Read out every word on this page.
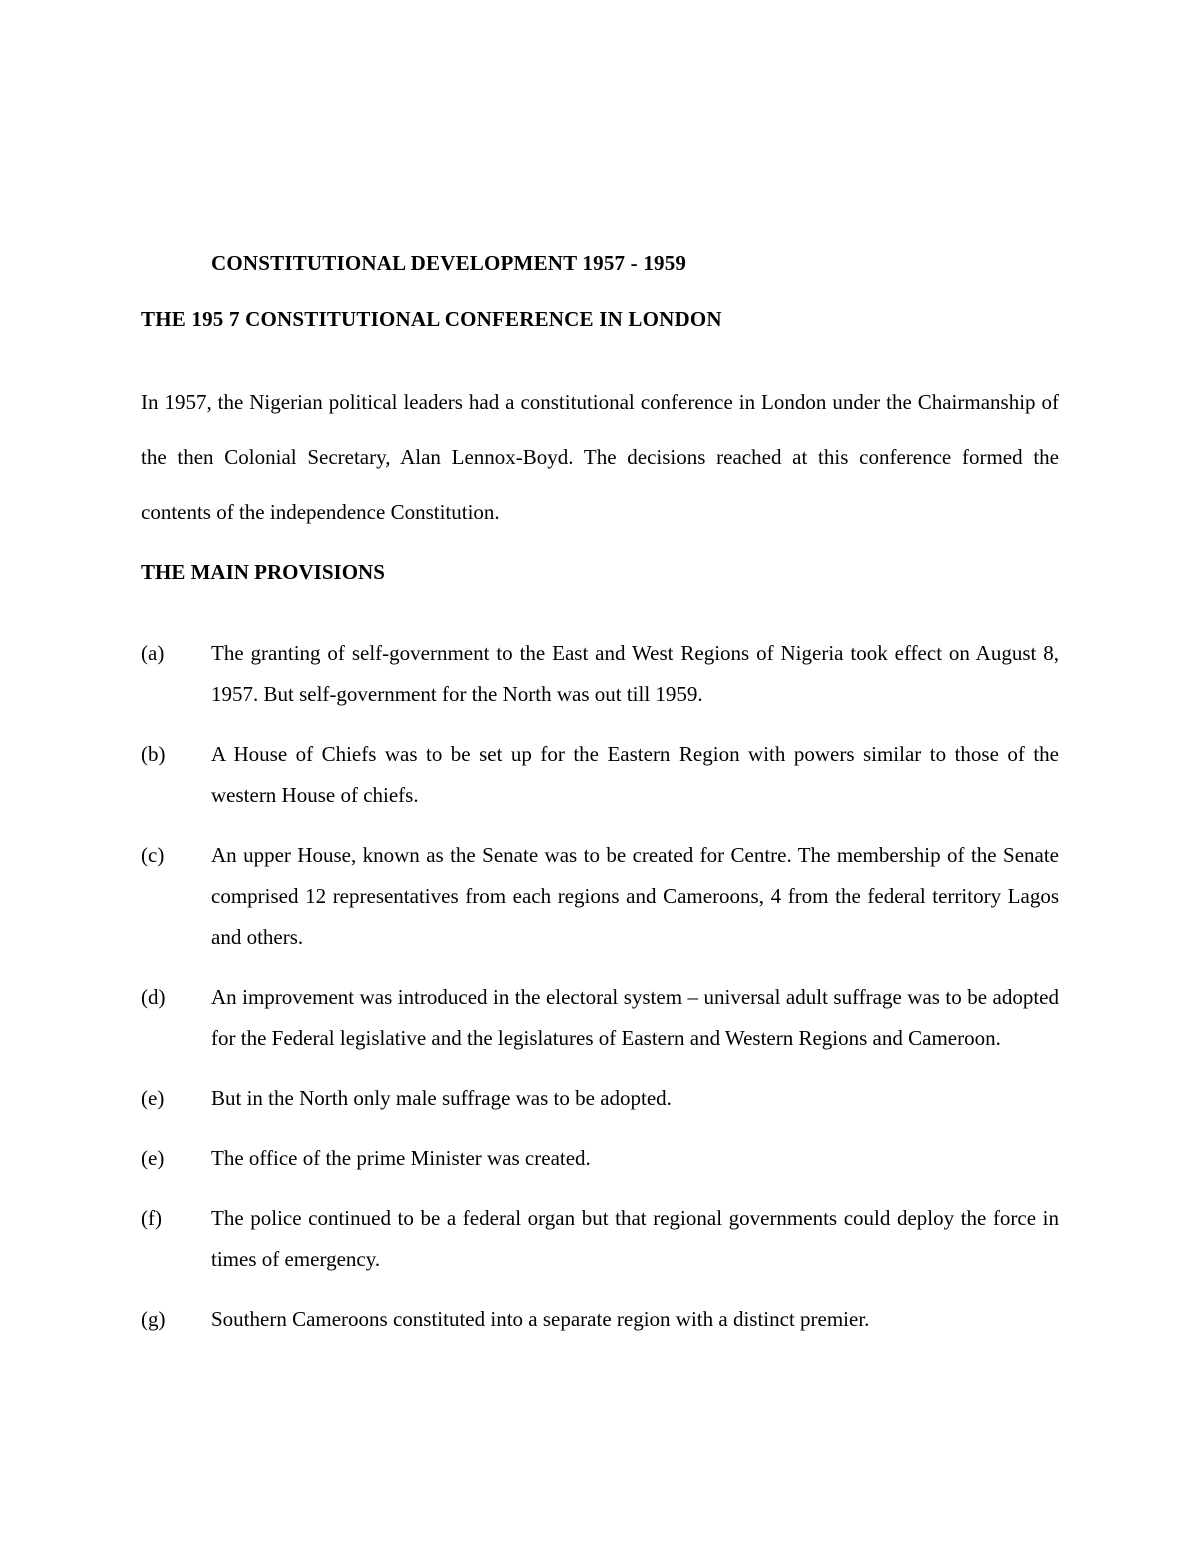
CONSTITUTIONAL DEVELOPMENT 1957 - 1959
THE 195 7 CONSTITUTIONAL CONFERENCE IN LONDON

In 1957, the Nigerian political leaders had a constitutional conference in London under the Chairmanship of the then Colonial Secretary, Alan Lennox-Boyd. The decisions reached at this conference formed the contents of the independence Constitution.

THE MAIN PROVISIONS
(a)	The granting of self-government to the East and West Regions of Nigeria took effect on August 8, 1957. But self-government for the North was out till 1959.
(b)	A House of Chiefs was to be set up for the Eastern Region with powers similar to those of the western House of chiefs.
(c)	An upper House, known as the Senate was to be created for Centre. The membership of the Senate comprised 12 representatives from each regions and Cameroons, 4 from the federal territory Lagos and others.
(d)	An improvement was introduced in the electoral system – universal adult suffrage was to be adopted for the Federal legislative and the legislatures of Eastern and Western Regions and Cameroon.
(e)	But in the North only male suffrage was to be adopted.
(e)	The office of the prime Minister was created.
(f)	The police continued to be a federal organ but that regional governments could deploy the force in times of emergency.
(g)	Southern Cameroons constituted into a separate region with a distinct premier.
